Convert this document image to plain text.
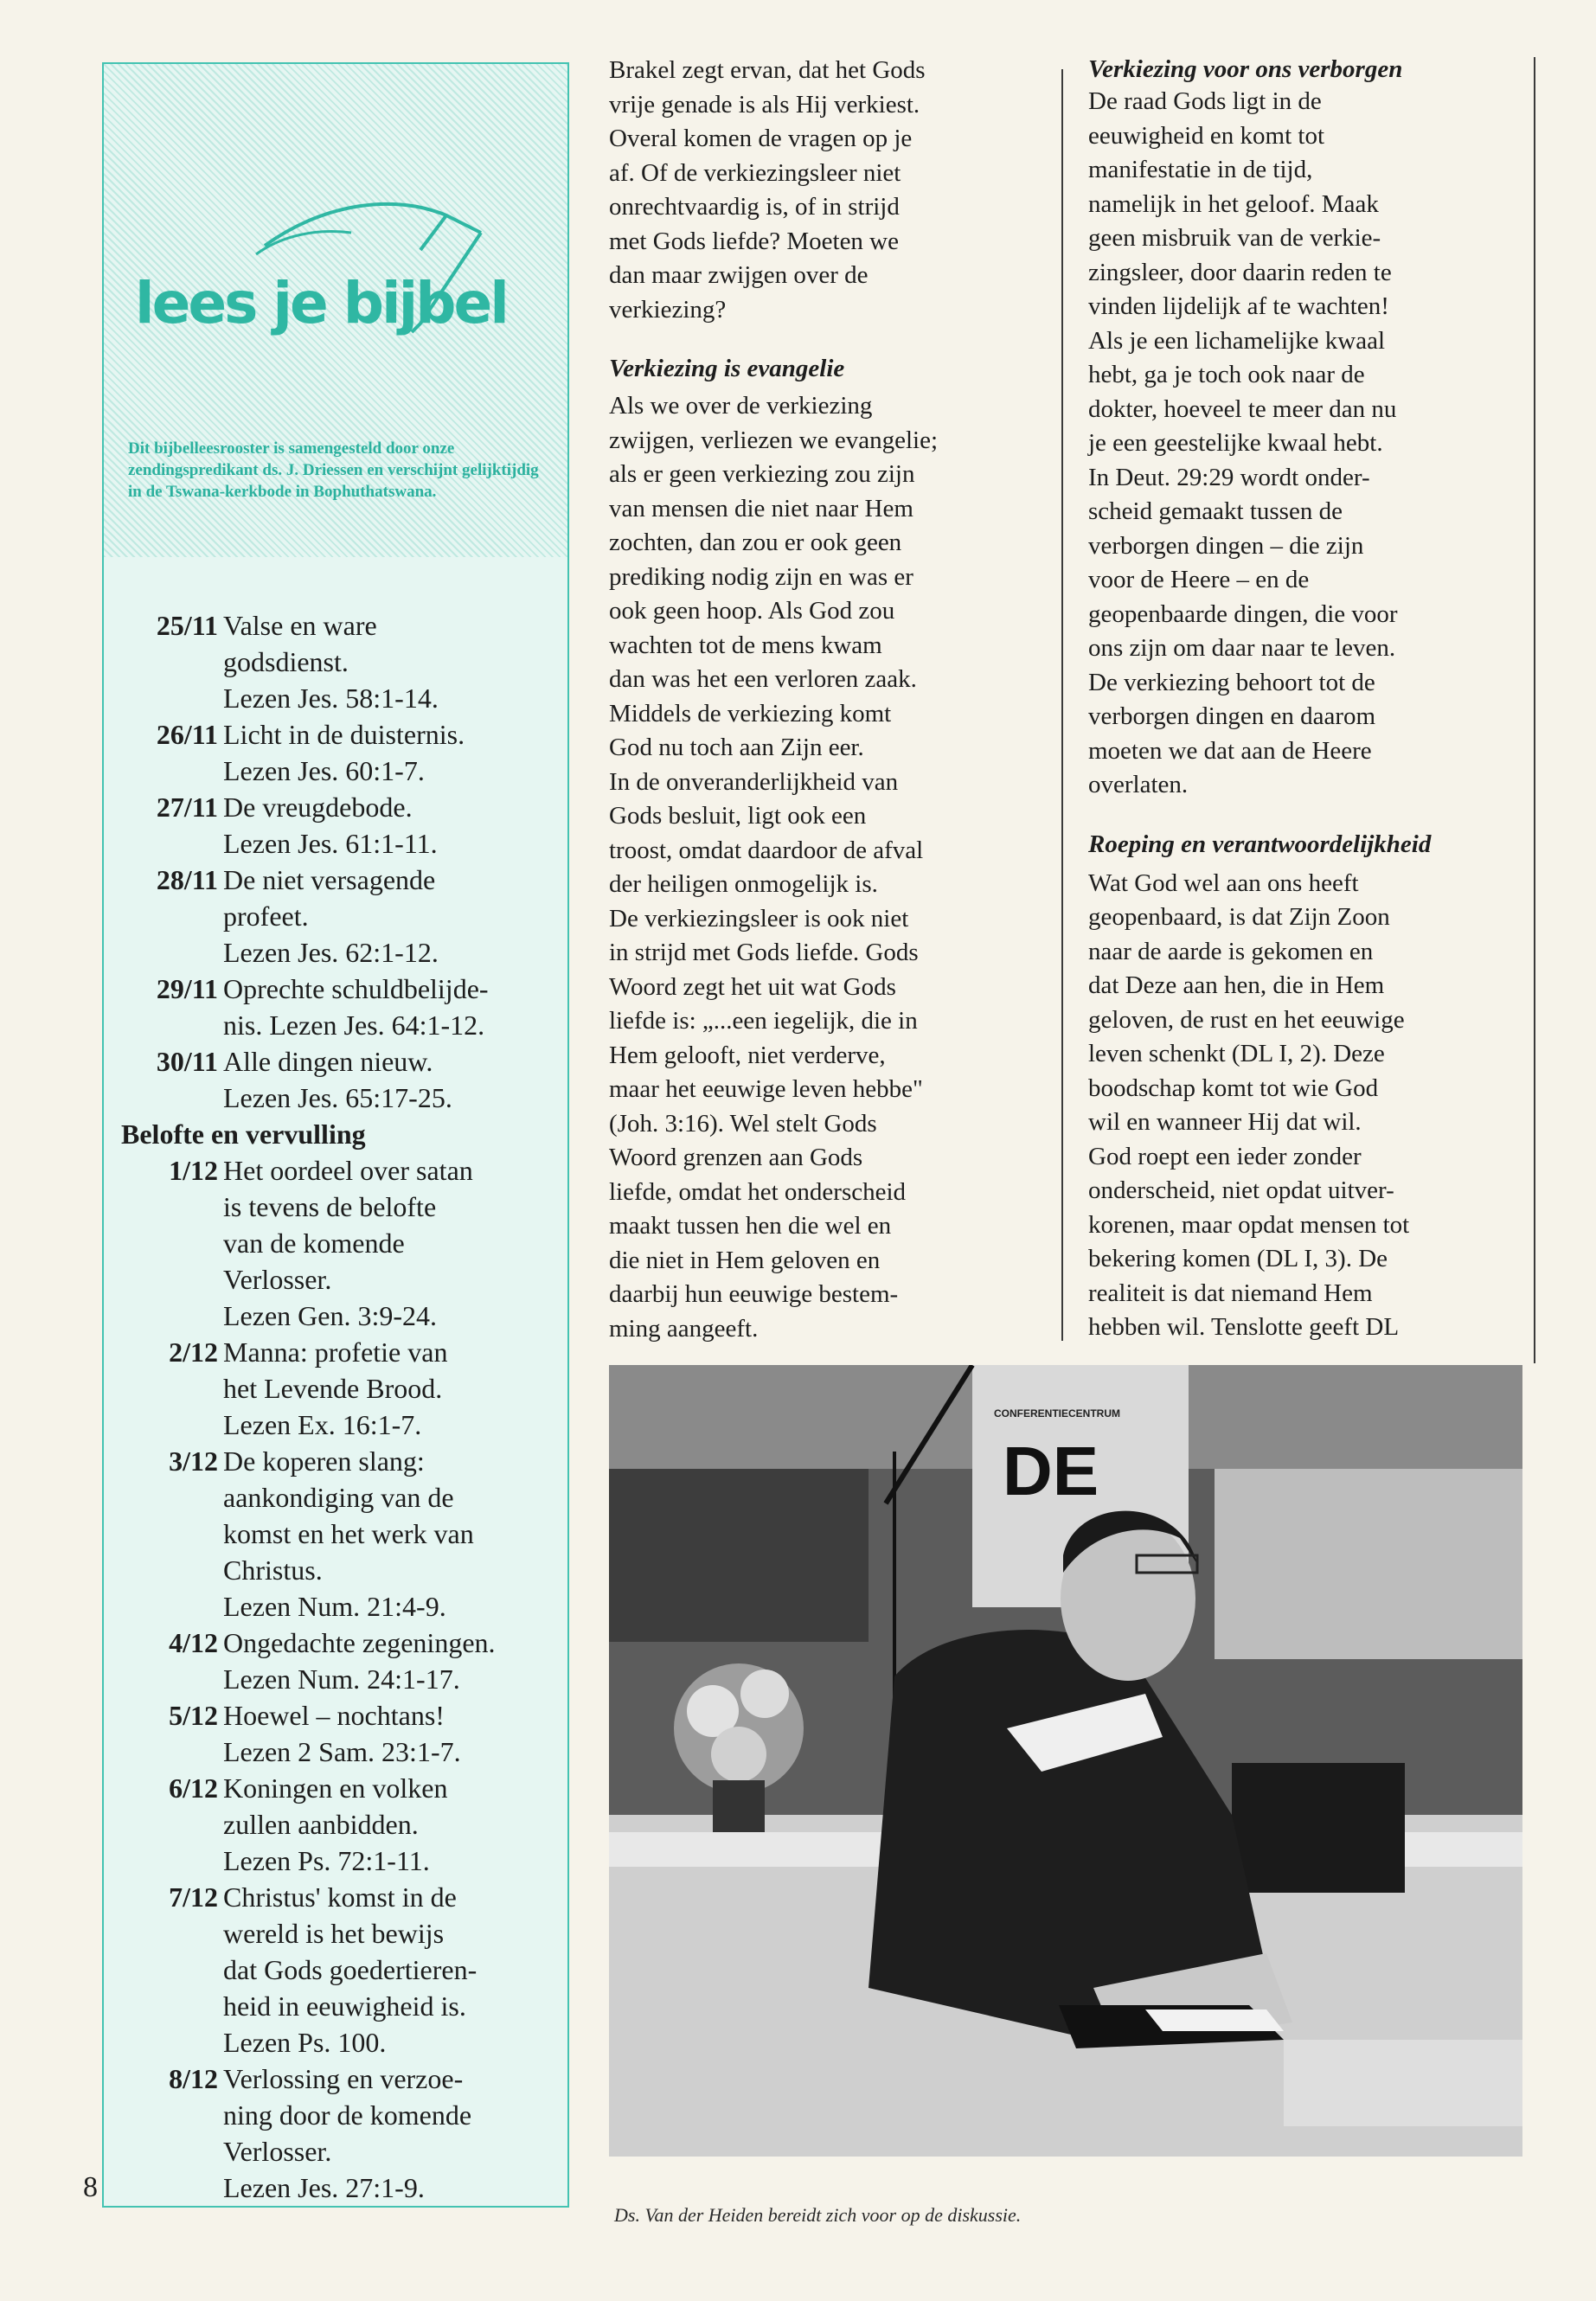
lees je bijbel
Dit bijbelleesrooster is samengesteld door onze zendingspredikant ds. J. Driessen en verschijnt gelijktijdig in de Tswana-kerkbode in Bophuthatswana.
25/11 Valse en ware
godsdienst.
Lezen Jes. 58:1-14.
26/11 Licht in de duisternis.
Lezen Jes. 60:1-7.
27/11 De vreugdebode.
Lezen Jes. 61:1-11.
28/11 De niet versagende
profeet.
Lezen Jes. 62:1-12.
29/11 Oprechte schuldbelijde-
nis. Lezen Jes. 64:1-12.
30/11 Alle dingen nieuw.
Lezen Jes. 65:17-25.
Belofte en vervulling
1/12 Het oordeel over satan
is tevens de belofte
van de komende
Verlosser.
Lezen Gen. 3:9-24.
2/12 Manna: profetie van
het Levende Brood.
Lezen Ex. 16:1-7.
3/12 De koperen slang:
aankondiging van de
komst en het werk van
Christus.
Lezen Num. 21:4-9.
4/12 Ongedachte zegeningen.
Lezen Num. 24:1-17.
5/12 Hoewel – nochtans!
Lezen 2 Sam. 23:1-7.
6/12 Koningen en volken
zullen aanbidden.
Lezen Ps. 72:1-11.
7/12 Christus' komst in de
wereld is het bewijs
dat Gods goedertieren-
heid in eeuwigheid is.
Lezen Ps. 100.
8/12 Verlossing en verzoe-
ning door de komende
Verlosser.
Lezen Jes. 27:1-9.
8

Brakel zegt ervan, dat het Gods

vrije genade is als Hij verkiest.

Overal komen de vragen op je

af. Of de verkiezingsleer niet

onrechtvaardig is, of in strijd

met Gods liefde? Moeten we

dan maar zwijgen over de

verkiezing?

Verkiezing is evangelie

Als we over de verkiezing

zwijgen, verliezen we evangelie;

als er geen verkiezing zou zijn

van mensen die niet naar Hem

zochten, dan zou er ook geen

prediking nodig zijn en was er

ook geen hoop. Als God zou

wachten tot de mens kwam

dan was het een verloren zaak.

Middels de verkiezing komt

God nu toch aan Zijn eer.

In de onveranderlijkheid van

Gods besluit, ligt ook een

troost, omdat daardoor de afval

der heiligen onmogelijk is.

De verkiezingsleer is ook niet

in strijd met Gods liefde. Gods

Woord zegt het uit wat Gods

liefde is: „...een iegelijk, die in

Hem gelooft, niet verderve,

maar het eeuwige leven hebbe"

(Joh. 3:16). Wel stelt Gods

Woord grenzen aan Gods

liefde, omdat het onderscheid

maakt tussen hen die wel en

die niet in Hem geloven en

daarbij hun eeuwige bestem-

ming aangeeft.

Verkiezing voor ons verborgen

De raad Gods ligt in de

eeuwigheid en komt tot

manifestatie in de tijd,

namelijk in het geloof. Maak

geen misbruik van de verkie-

zingsleer, door daarin reden te

vinden lijdelijk af te wachten!

Als je een lichamelijke kwaal

hebt, ga je toch ook naar de

dokter, hoeveel te meer dan nu

je een geestelijke kwaal hebt.

In Deut. 29:29 wordt onder-

scheid gemaakt tussen de

verborgen dingen – die zijn

voor de Heere – en de

geopenbaarde dingen, die voor

ons zijn om daar naar te leven.

De verkiezing behoort tot de

verborgen dingen en daarom

moeten we dat aan de Heere

overlaten.

Roeping en verantwoordelijkheid

Wat God wel aan ons heeft

geopenbaard, is dat Zijn Zoon

naar de aarde is gekomen en

dat Deze aan hen, die in Hem

geloven, de rust en het eeuwige

leven schenkt (DL I, 2). Deze

boodschap komt tot wie God

wil en wanneer Hij dat wil.

God roept een ieder zonder

onderscheid, niet opdat uitver-

korenen, maar opdat mensen tot

bekering komen (DL I, 3). De

realiteit is dat niemand Hem

hebben wil. Tenslotte geeft DL

CONFERENTIECENTRUM
DE
Ds. Van der Heiden bereidt zich voor op de diskussie.
